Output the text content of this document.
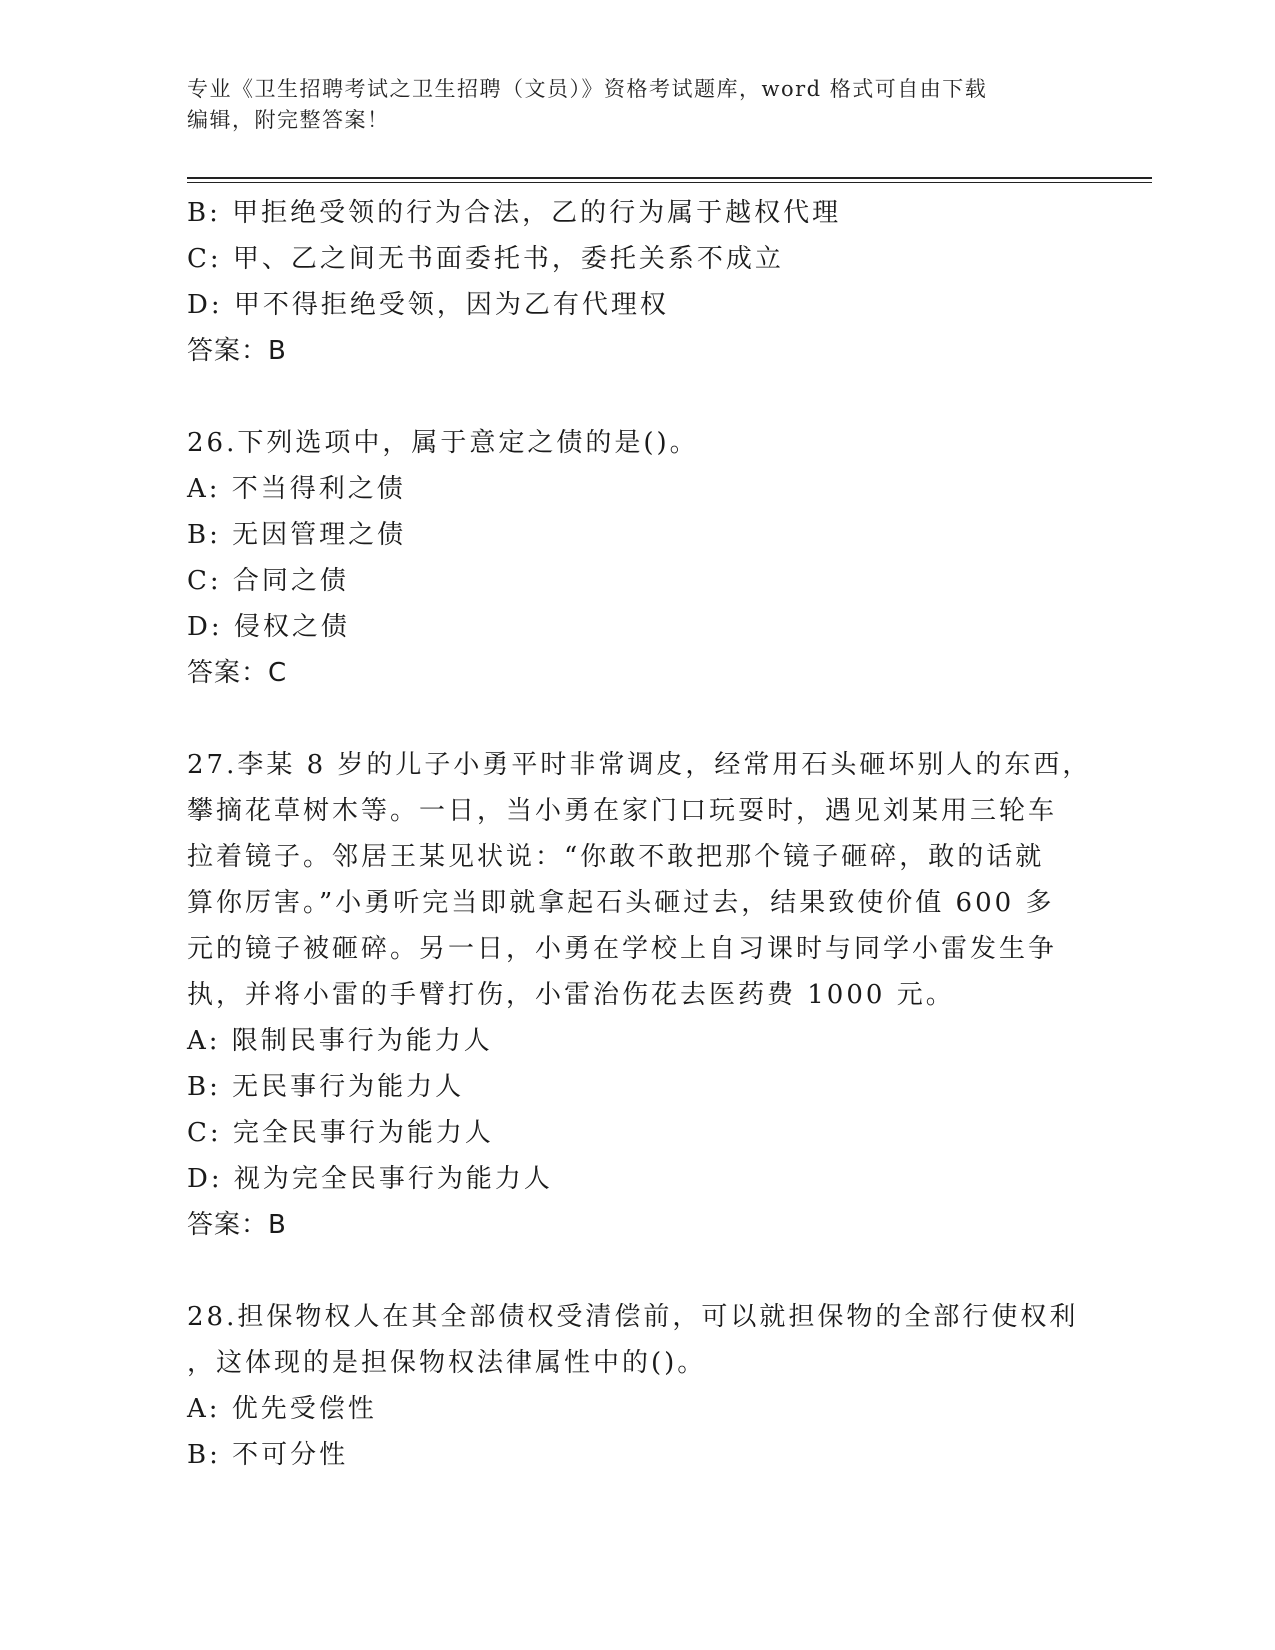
专业《卫生招聘考试之卫生招聘（文员）》资格考试题库，word 格式可自由下载
编辑，附完整答案！
B: 甲拒绝受领的行为合法，乙的行为属于越权代理
C: 甲、乙之间无书面委托书，委托关系不成立
D: 甲不得拒绝受领，因为乙有代理权
答案：B
26.下列选项中，属于意定之债的是()。
A: 不当得利之债
B: 无因管理之债
C: 合同之债
D: 侵权之债
答案：C
27.李某 8 岁的儿子小勇平时非常调皮，经常用石头砸坏别人的东西，
攀摘花草树木等。一日，当小勇在家门口玩耍时，遇见刘某用三轮车
拉着镜子。邻居王某见状说：“你敢不敢把那个镜子砸碎，敢的话就
算你厉害。”小勇听完当即就拿起石头砸过去，结果致使价值 600 多
元的镜子被砸碎。另一日，小勇在学校上自习课时与同学小雷发生争
执，并将小雷的手臂打伤，小雷治伤花去医药费 1000 元。
A: 限制民事行为能力人
B: 无民事行为能力人
C: 完全民事行为能力人
D: 视为完全民事行为能力人
答案：B
28.担保物权人在其全部债权受清偿前，可以就担保物的全部行使权利
，这体现的是担保物权法律属性中的()。
A: 优先受偿性
B: 不可分性
